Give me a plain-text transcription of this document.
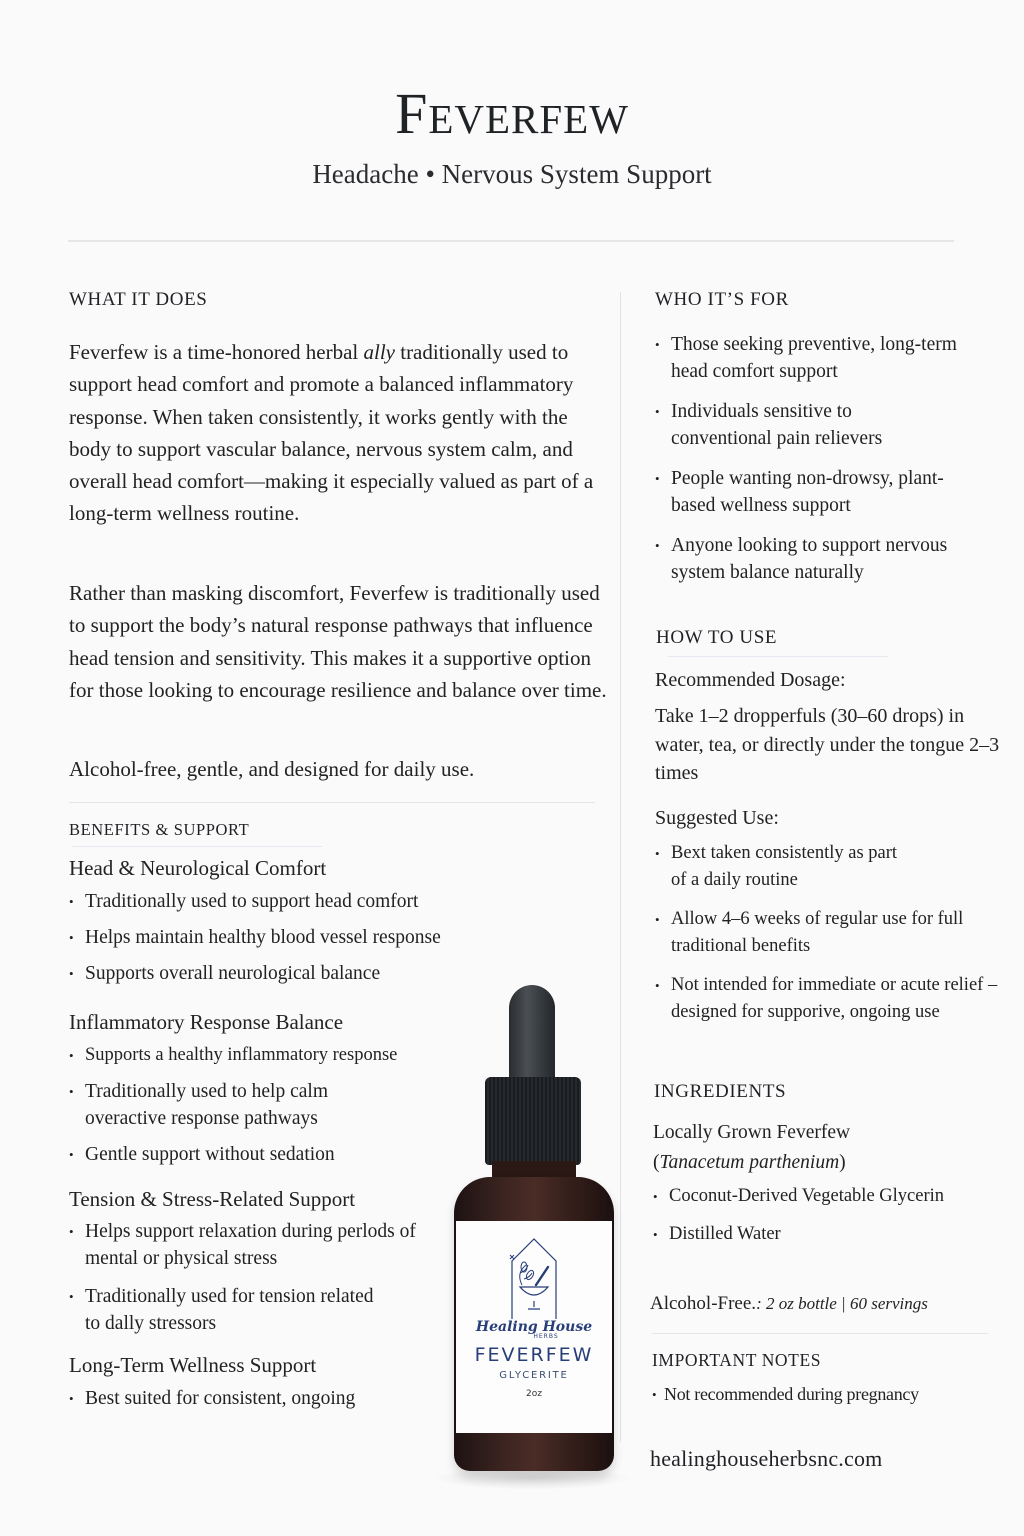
Feverfew
Headache • Nervous System Support
WHAT IT DOES

Feverfew is a time-honored herbal ally traditionally used to support head comfort and promote a balanced inflammatory response. When taken consistently, it works gently with the body to support vascular balance, nervous system calm, and overall head comfort—making it especially valued as part of a long-term wellness routine.

Rather than masking discomfort, Feverfew is traditionally used to support the body’s natural response pathways that influence head tension and sensitivity. This makes it a supportive option for those looking to encourage resilience and balance over time.

Alcohol-free, gentle, and designed for daily use.

BENEFITS & SUPPORT
Head & Neurological Comfort
• Traditionally used to support head comfort
• Helps maintain healthy blood vessel response
• Supports overall neurological balance
Inflammatory Response Balance
• Supports a healthy inflammatory response
• Traditionally used to help calm overactive response pathways
• Gentle support without sedation
Tension & Stress-Related Support
• Helps support relaxation during perlods of mental or physical stress
• Traditionally used for tension related to dally stressors
Long-Term Wellness Support
• Best suited for consistent, ongoing
Healing House
HERBS
FEVERFEW
GLYCERITE
2oz
WHO IT’S FOR
• Those seeking preventive, long-term head comfort support
• Individuals sensitive to conventional pain relievers
• People wanting non-drowsy, plant-based wellness support
• Anyone looking to support nervous system balance naturally
HOW TO USE
Recommended Dosage:
Take 1–2 dropperfuls (30–60 drops) in water, tea, or directly under the tongue 2–3 times
Suggested Use:
• Bext taken consistently as part of a daily routine
• Allow 4–6 weeks of regular use for full traditional benefits
• Not intended for immediate or acute relief – designed for supporive, ongoing use
INGREDIENTS
Locally Grown Feverfew
(Tanacetum parthenium)
• Coconut-Derived Vegetable Glycerin
• Distilled Water
Alcohol-Free.: 2 oz bottle | 60 servings
IMPORTANT NOTES
• Not recommended during pregnancy
healinghouseherbsnc.com
